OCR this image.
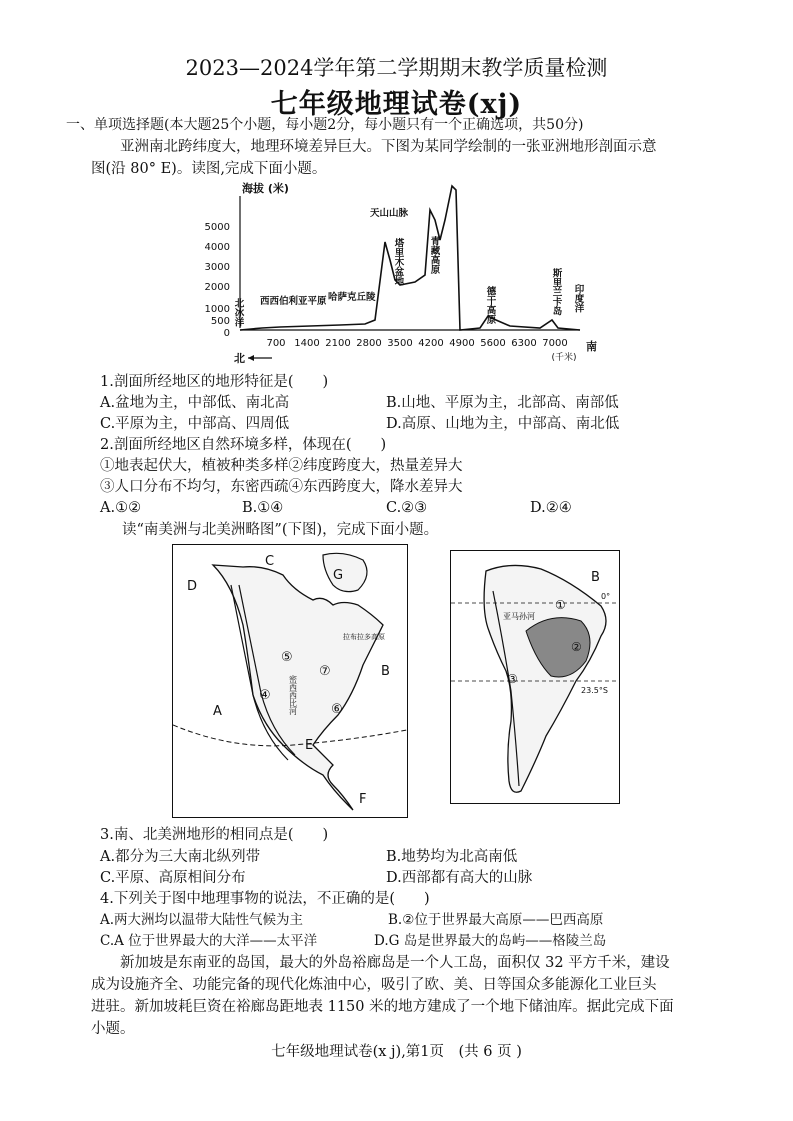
2023—2024学年第二学期期末教学质量检测
七年级地理试卷(xj)
一、单项选择题(本大题25个小题，每小题2分，每小题只有一个正确选项，共50分)
亚洲南北跨纬度大，地理环境差异巨大。下图为某同学绘制的一张亚洲地形剖面示意
图(沿 80° E)。读图,完成下面小题。
海拔 (米)
5000
4000
3000
2000
1000
500
0
700 1400 2100 2800 3500 4200 4900 5600 6300 7000
(千米)
北
南
北冰洋 西西伯利亚平原 哈萨克丘陵
天山山脉
塔里木盆地	青藏高原
德干高原	斯里兰卡岛 印度洋
1.剖面所经地区的地形特征是(　　)
A.盆地为主，中部低、南北高	B.山地、平原为主，北部高、南部低
C.平原为主，中部高、四周低	D.高原、山地为主，中部高、南北低
2.剖面所经地区自然环境多样，体现在(　　)
①地表起伏大，植被种类多样②纬度跨度大，热量差异大
③人口分布不均匀，东密西疏④东西跨度大，降水差异大
A.①②	B.①④	C.②③	D.②④
读“南美洲与北美洲略图”(下图)，完成下面小题。
A
B
C
D
E
F
G
④
⑤
⑥
⑦
密西西比河
拉布拉多高原
B
亚马孙河
①
②
③
0°
23.5°S
3.南、北美洲地形的相同点是(　　)
A.都分为三大南北纵列带	B.地势均为北高南低
C.平原、高原相间分布	D.西部都有高大的山脉
4.下列关于图中地理事物的说法，不正确的是(　　)
A.两大洲均以温带大陆性气候为主	B.②位于世界最大高原——巴西高原
C.A 位于世界最大的大洋——太平洋	D.G 岛是世界最大的岛屿——格陵兰岛
新加坡是东南亚的岛国，最大的外岛裕廊岛是一个人工岛，面积仅 32 平方千米，建设
成为设施齐全、功能完备的现代化炼油中心，吸引了欧、美、日等国众多能源化工业巨头
进驻。新加坡耗巨资在裕廊岛距地表 1150 米的地方建成了一个地下储油库。据此完成下面
小题。
七年级地理试卷(x j),第1页　(共 6 页 )
